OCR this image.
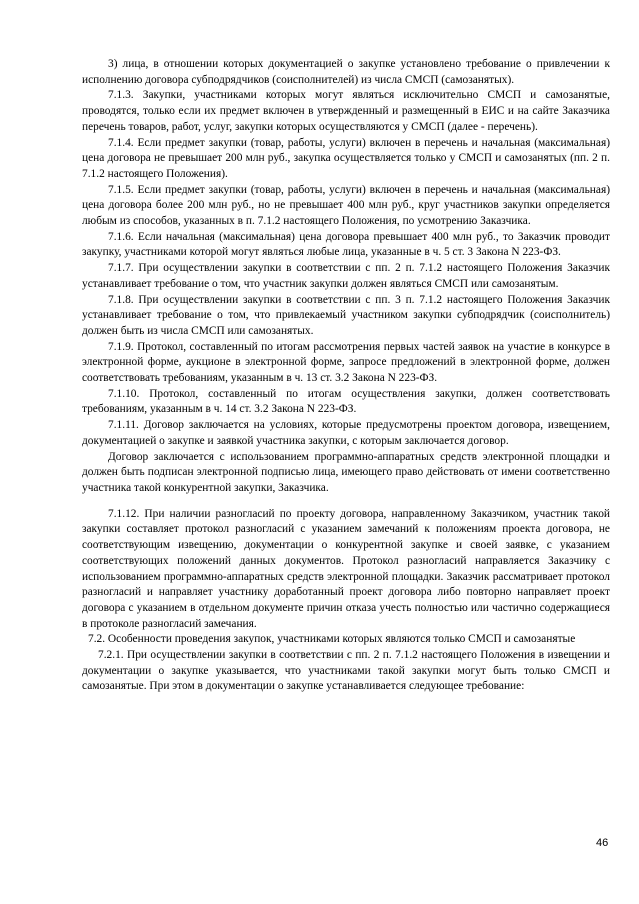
3) лица, в отношении которых документацией о закупке установлено требование о привлечении к исполнению договора субподрядчиков (соисполнителей) из числа СМСП (самозанятых).

7.1.3. Закупки, участниками которых могут являться исключительно СМСП и самозанятые, проводятся, только если их предмет включен в утвержденный и размещенный в ЕИС и на сайте Заказчика перечень товаров, работ, услуг, закупки которых осуществляются у СМСП (далее - перечень).

7.1.4. Если предмет закупки (товар, работы, услуги) включен в перечень и начальная (максимальная) цена договора не превышает 200 млн руб., закупка осуществляется только у СМСП и самозанятых (пп. 2 п. 7.1.2 настоящего Положения).

7.1.5. Если предмет закупки (товар, работы, услуги) включен в перечень и начальная (максимальная) цена договора более 200 млн руб., но не превышает 400 млн руб., круг участников закупки определяется любым из способов, указанных в п. 7.1.2 настоящего Положения, по усмотрению Заказчика.

7.1.6. Если начальная (максимальная) цена договора превышает 400 млн руб., то Заказчик проводит закупку, участниками которой могут являться любые лица, указанные в ч. 5 ст. 3 Закона N 223-ФЗ.

7.1.7. При осуществлении закупки в соответствии с пп. 2 п. 7.1.2 настоящего Положения Заказчик устанавливает требование о том, что участник закупки должен являться СМСП или самозанятым.

7.1.8. При осуществлении закупки в соответствии с пп. 3 п. 7.1.2 настоящего Положения Заказчик устанавливает требование о том, что привлекаемый участником закупки субподрядчик (соисполнитель) должен быть из числа СМСП или самозанятых.

7.1.9. Протокол, составленный по итогам рассмотрения первых частей заявок на участие в конкурсе в электронной форме, аукционе в электронной форме, запросе предложений в электронной форме, должен соответствовать требованиям, указанным в ч. 13 ст. 3.2 Закона N 223-ФЗ.

7.1.10. Протокол, составленный по итогам осуществления закупки, должен соответствовать требованиям, указанным в ч. 14 ст. 3.2 Закона N 223-ФЗ.

7.1.11. Договор заключается на условиях, которые предусмотрены проектом договора, извещением, документацией о закупке и заявкой участника закупки, с которым заключается договор.

Договор заключается с использованием программно-аппаратных средств электронной площадки и должен быть подписан электронной подписью лица, имеющего право действовать от имени соответственно участника такой конкурентной закупки, Заказчика.

7.1.12. При наличии разногласий по проекту договора, направленному Заказчиком, участник такой закупки составляет протокол разногласий с указанием замечаний к положениям проекта договора, не соответствующим извещению, документации о конкурентной закупке и своей заявке, с указанием соответствующих положений данных документов. Протокол разногласий направляется Заказчику с использованием программно-аппаратных средств электронной площадки. Заказчик рассматривает протокол разногласий и направляет участнику доработанный проект договора либо повторно направляет проект договора с указанием в отдельном документе причин отказа учесть полностью или частично содержащиеся в протоколе разногласий замечания.

7.2. Особенности проведения закупок, участниками которых являются только СМСП и самозанятые

7.2.1. При осуществлении закупки в соответствии с пп. 2 п. 7.1.2 настоящего Положения в извещении и документации о закупке указывается, что участниками такой закупки могут быть только СМСП и самозанятые. При этом в документации о закупке устанавливается следующее требование:

46
